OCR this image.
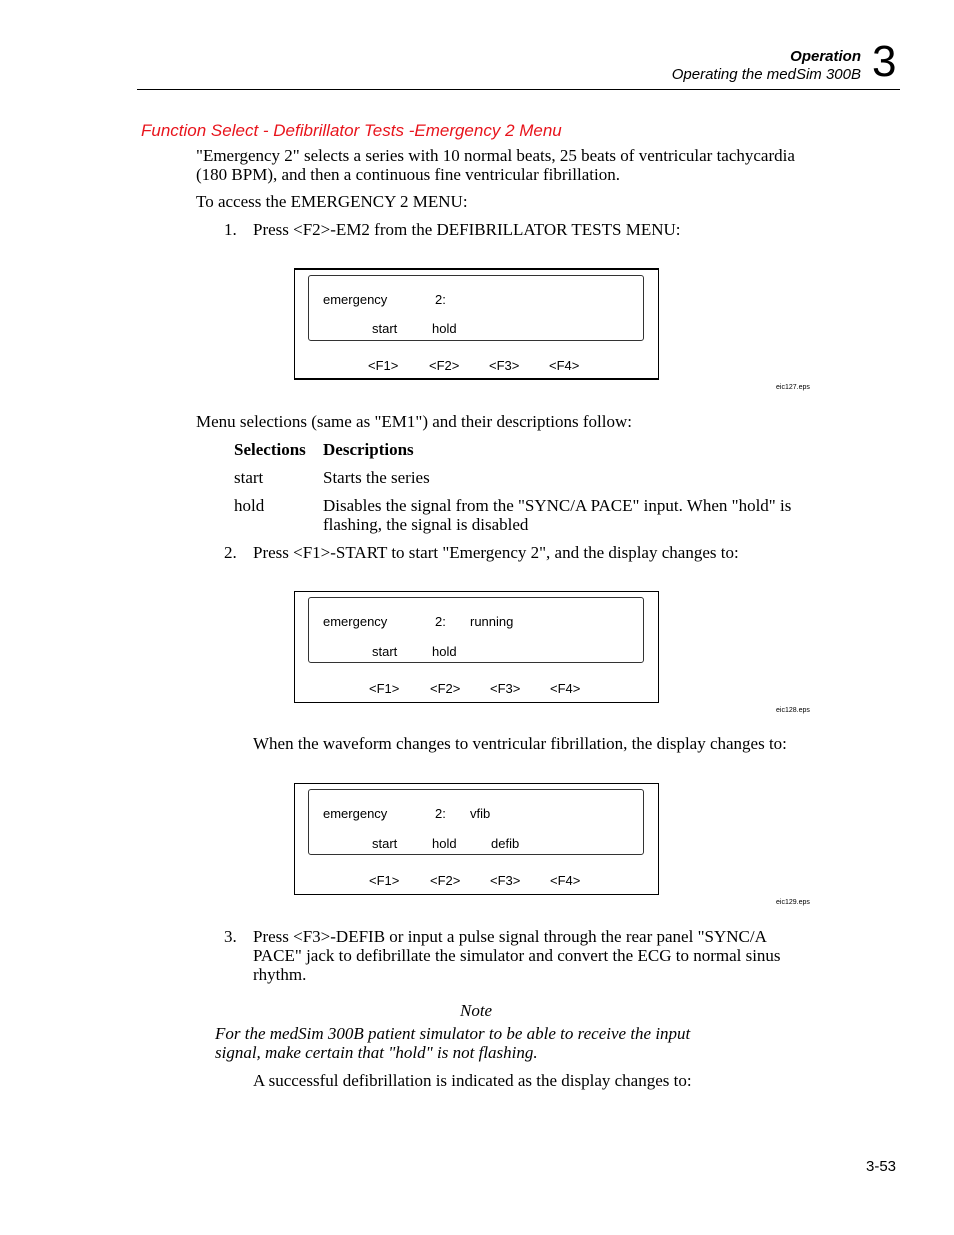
Operation
Operating the medSim 300B 3
Function Select - Defibrillator Tests -Emergency 2 Menu
"Emergency 2" selects a series with 10 normal beats, 25 beats of ventricular tachycardia (180 BPM), and then a continuous fine ventricular fibrillation.
To access the EMERGENCY 2 MENU:
1. Press <F2>-EM2 from the DEFIBRILLATOR TESTS MENU:
emergency	2:
start	hold
<F1> <F2> <F3> <F4>
eic127.eps
Menu selections (same as "EM1") and their descriptions follow:
Selections Descriptions
start	Starts the series
hold	Disables the signal from the "SYNC/A PACE" input. When "hold" is flashing, the signal is disabled
2. Press <F1>-START to start "Emergency 2", and the display changes to:
emergency	2: running
start	hold
<F1> <F2> <F3> <F4>
eic128.eps
When the waveform changes to ventricular fibrillation, the display changes to:
emergency	2: vfib
start	hold	defib
<F1> <F2> <F3> <F4>
eic129.eps
3. Press <F3>-DEFIB or input a pulse signal through the rear panel "SYNC/A PACE" jack to defibrillate the simulator and convert the ECG to normal sinus rhythm.
Note
For the medSim 300B patient simulator to be able to receive the input signal, make certain that "hold" is not flashing.
A successful defibrillation is indicated as the display changes to:
3-53
